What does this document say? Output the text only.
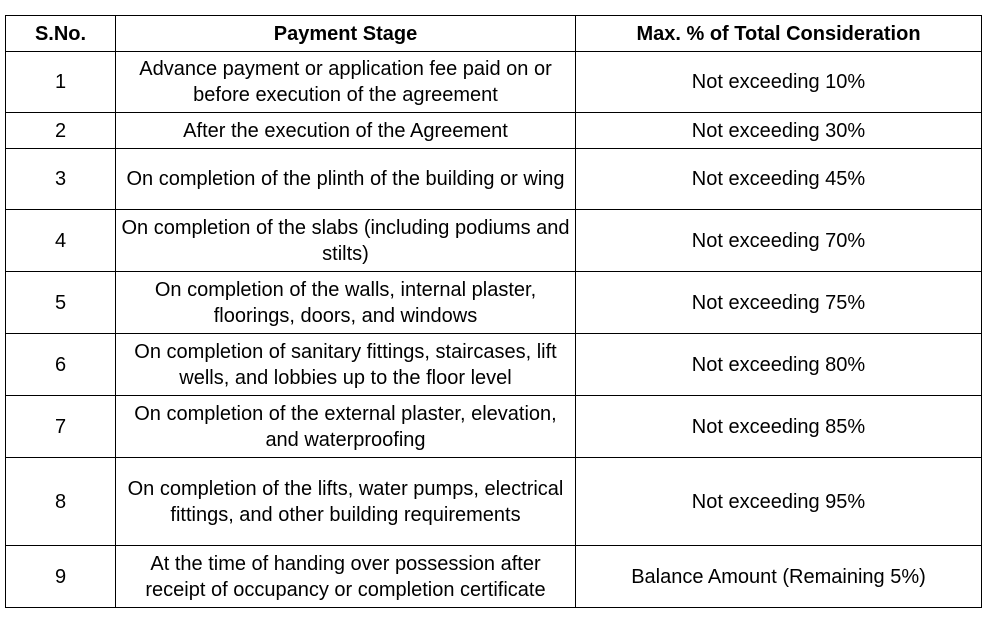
S.No.	Payment Stage	Max. % of Total Consideration
1	Advance payment or application fee paid on or before execution of the agreement	Not exceeding 10%
2	After the execution of the Agreement	Not exceeding 30%
3	On completion of the plinth of the building or wing	Not exceeding 45%
4	On completion of the slabs (including podiums and stilts)	Not exceeding 70%
5	On completion of the walls, internal plaster, floorings, doors, and windows	Not exceeding 75%
6	On completion of sanitary fittings, staircases, lift wells, and lobbies up to the floor level	Not exceeding 80%
7	On completion of the external plaster, elevation, and waterproofing	Not exceeding 85%
8	On completion of the lifts, water pumps, electrical fittings, and other building requirements	Not exceeding 95%
9	At the time of handing over possession after receipt of occupancy or completion certificate	Balance Amount (Remaining 5%)
